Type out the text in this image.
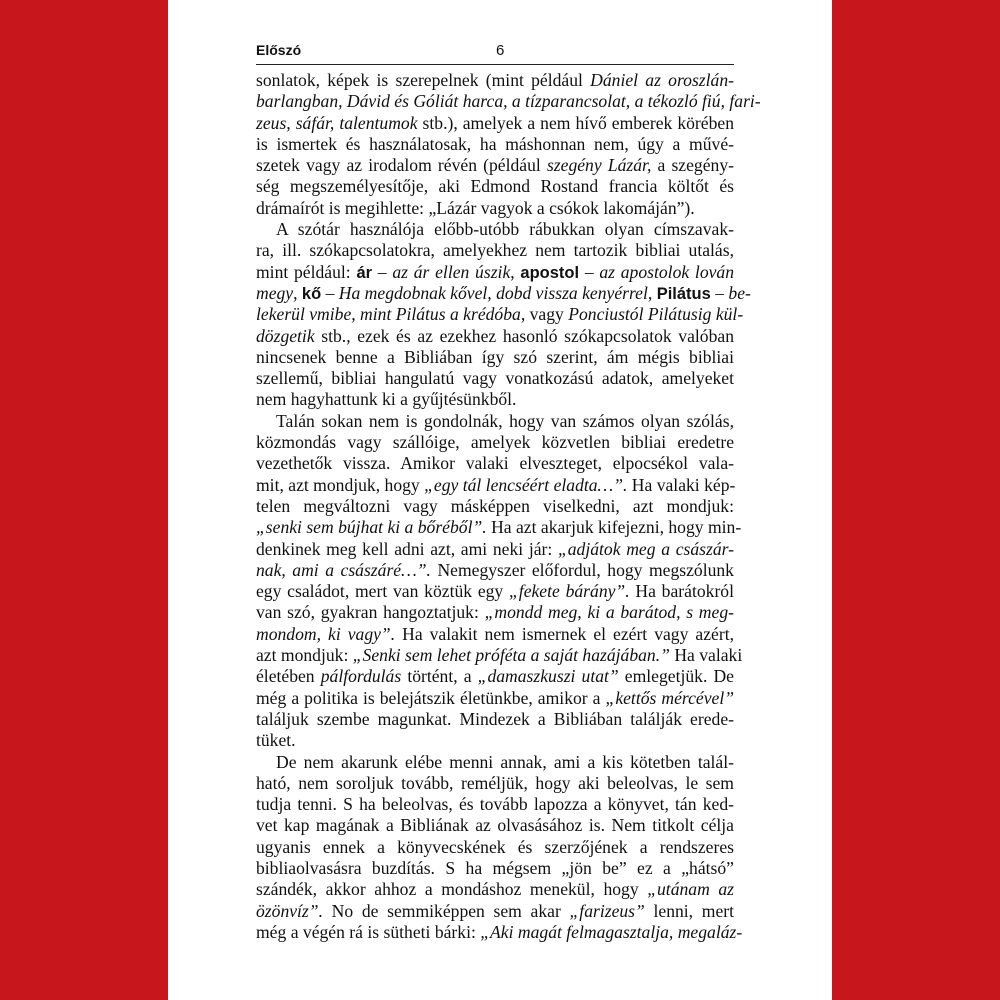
Előszó	6
sonlatok, képek is szerepelnek (mint például Dániel az oroszlán-
barlangban, Dávid és Góliát harca, a tízparancsolat, a tékozló fiú, fari-
zeus, sáfár, talentumok stb.), amelyek a nem hívő emberek körében
is ismertek és használatosak, ha máshonnan nem, úgy a művé-
szetek vagy az irodalom révén (például szegény Lázár, a szegény-
ség megszemélyesítője, aki Edmond Rostand francia költőt és
drámaírót is megihlette: „Lázár vagyok a csókok lakomáján”).
A szótár használója előbb-utóbb rábukkan olyan címszavak-
ra, ill. szókapcsolatokra, amelyekhez nem tartozik bibliai utalás,
mint például: ár – az ár ellen úszik, apostol – az apostolok lován
megy, kő – Ha megdobnak kővel, dobd vissza kenyérrel, Pilátus – be-
lekerül vmibe, mint Pilátus a krédóba, vagy Ponciustól Pilátusig kül-
dözgetik stb., ezek és az ezekhez hasonló szókapcsolatok valóban
nincsenek benne a Bibliában így szó szerint, ám mégis bibliai
szellemű, bibliai hangulatú vagy vonatkozású adatok, amelyeket
nem hagyhattunk ki a gyűjtésünkből.
Talán sokan nem is gondolnák, hogy van számos olyan szólás,
közmondás vagy szállóige, amelyek közvetlen bibliai eredetre
vezethetők vissza. Amikor valaki elveszteget, elpocsékol vala-
mit, azt mondjuk, hogy „egy tál lencséért eladta…”. Ha valaki kép-
telen megváltozni vagy másképpen viselkedni, azt mondjuk:
„senki sem bújhat ki a bőréből”. Ha azt akarjuk kifejezni, hogy min-
denkinek meg kell adni azt, ami neki jár: „adjátok meg a császár-
nak, ami a császáré…”. Nemegyszer előfordul, hogy megszólunk
egy családot, mert van köztük egy „fekete bárány”. Ha barátokról
van szó, gyakran hangoztatjuk: „mondd meg, ki a barátod, s meg-
mondom, ki vagy”. Ha valakit nem ismernek el ezért vagy azért,
azt mondjuk: „Senki sem lehet próféta a saját hazájában.” Ha valaki
életében pálfordulás történt, a „damaszkuszi utat” emlegetjük. De
még a politika is belejátszik életünkbe, amikor a „kettős mércével”
találjuk szembe magunkat. Mindezek a Bibliában találják erede-
tüket.
De nem akarunk elébe menni annak, ami a kis kötetben talál-
ható, nem soroljuk tovább, reméljük, hogy aki beleolvas, le sem
tudja tenni. S ha beleolvas, és tovább lapozza a könyvet, tán ked-
vet kap magának a Bibliának az olvasásához is. Nem titkolt célja
ugyanis ennek a könyvecskének és szerzőjének a rendszeres
bibliaolvasásra buzdítás. S ha mégsem „jön be” ez a „hátsó”
szándék, akkor ahhoz a mondáshoz menekül, hogy „utánam az
özönvíz”. No de semmiképpen sem akar „farizeus” lenni, mert
még a végén rá is sütheti bárki: „Aki magát felmagasztalja, megaláz-
